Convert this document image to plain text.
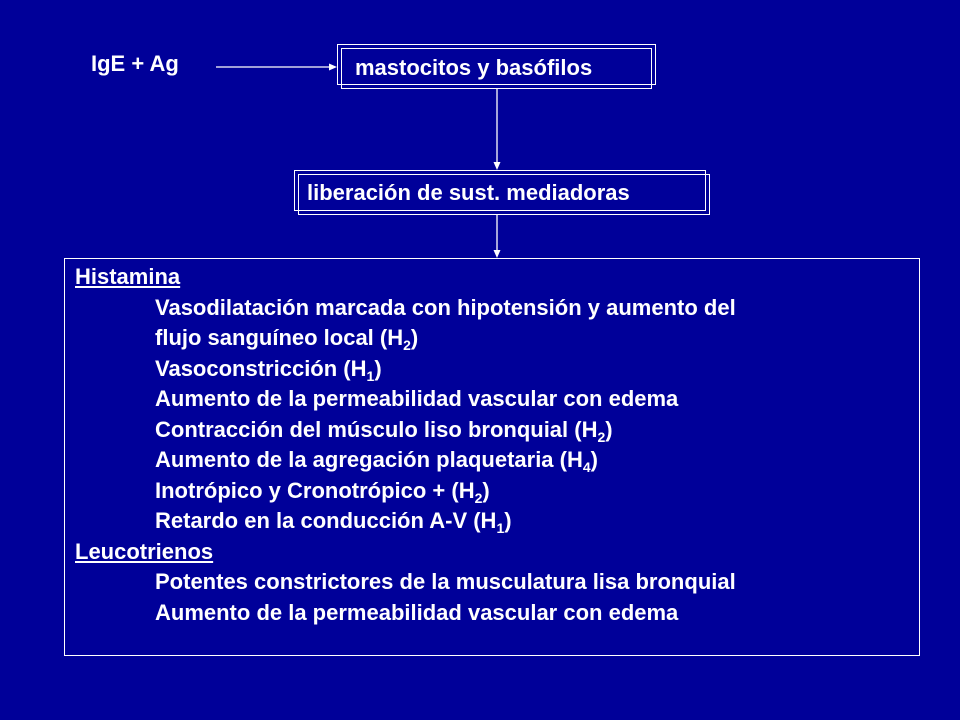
IgE + Ag	mastocitos y basófilos
liberación de sust. mediadoras
Histamina
Vasodilatación marcada con hipotensión y aumento del
flujo sanguíneo local $(H_2)$
Vasoconstricción $(H_1)$
Aumento de la permeabilidad vascular con edema
Contracción del músculo liso bronquial $(H_2)$
Aumento de la agregación plaquetaria $(H_4)$
Inotrópico y Cronotrópico + $(H_2)$
Retardo en la conducción A-V $(H_1)$
Leucotrienos
Potentes constrictores de la musculatura lisa bronquial
Aumento de la permeabilidad vascular con edema
